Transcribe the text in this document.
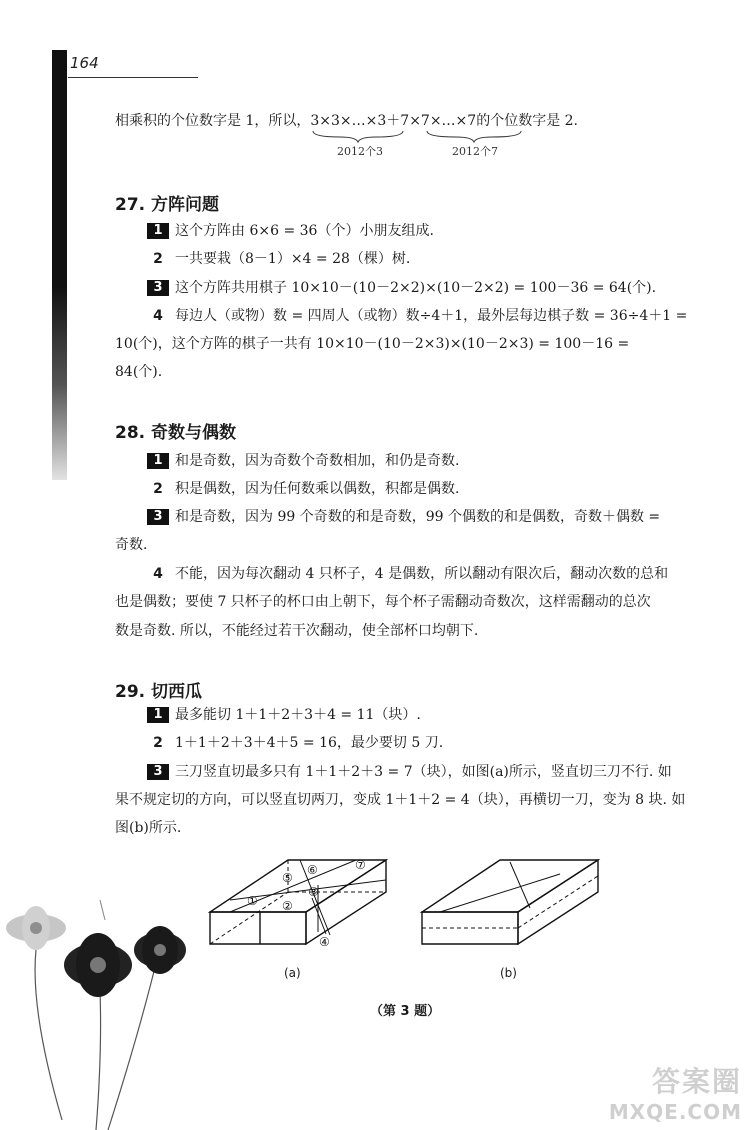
164
相乘积的个位数字是 1，所以，3×3×…×3＋7×7×…×7的个位数字是 2.
2012个3	2012个7
27. 方阵问题
1 这个方阵由 6×6 = 36（个）小朋友组成.
2 一共要栽（8－1）×4 = 28（棵）树.
3 这个方阵共用棋子 10×10－(10－2×2)×(10－2×2) = 100－36 = 64(个).
4 每边人（或物）数 = 四周人（或物）数÷4＋1，最外层每边棋子数 = 36÷4＋1 =
10(个)，这个方阵的棋子一共有 10×10－(10－2×3)×(10－2×3) = 100－16 =
84(个).
28. 奇数与偶数
1 和是奇数，因为奇数个奇数相加，和仍是奇数.
2 积是偶数，因为任何数乘以偶数，积都是偶数.
3 和是奇数，因为 99 个奇数的和是奇数，99 个偶数的和是偶数，奇数＋偶数 =
奇数.
4 不能，因为每次翻动 4 只杯子，4 是偶数，所以翻动有限次后，翻动次数的总和
也是偶数；要使 7 只杯子的杯口由上朝下，每个杯子需翻动奇数次，这样需翻动的总次
数是奇数. 所以，不能经过若干次翻动，使全部杯口均朝下.
29. 切西瓜
1 最多能切 1＋1＋2＋3＋4 = 11（块）.
2 1＋1＋2＋3＋4＋5 = 16，最少要切 5 刀.
3 三刀竖直切最多只有 1＋1＋2＋3 = 7（块），如图(a)所示，竖直切三刀不行. 如
果不规定切的方向，可以竖直切两刀，变成 1＋1＋2 = 4（块），再横切一刀，变为 8 块. 如
图(b)所示.
① ②
③
④
⑤
⑥	⑦
(a)	(b)
（第 3 题）
答案圈
MXQE.COM
